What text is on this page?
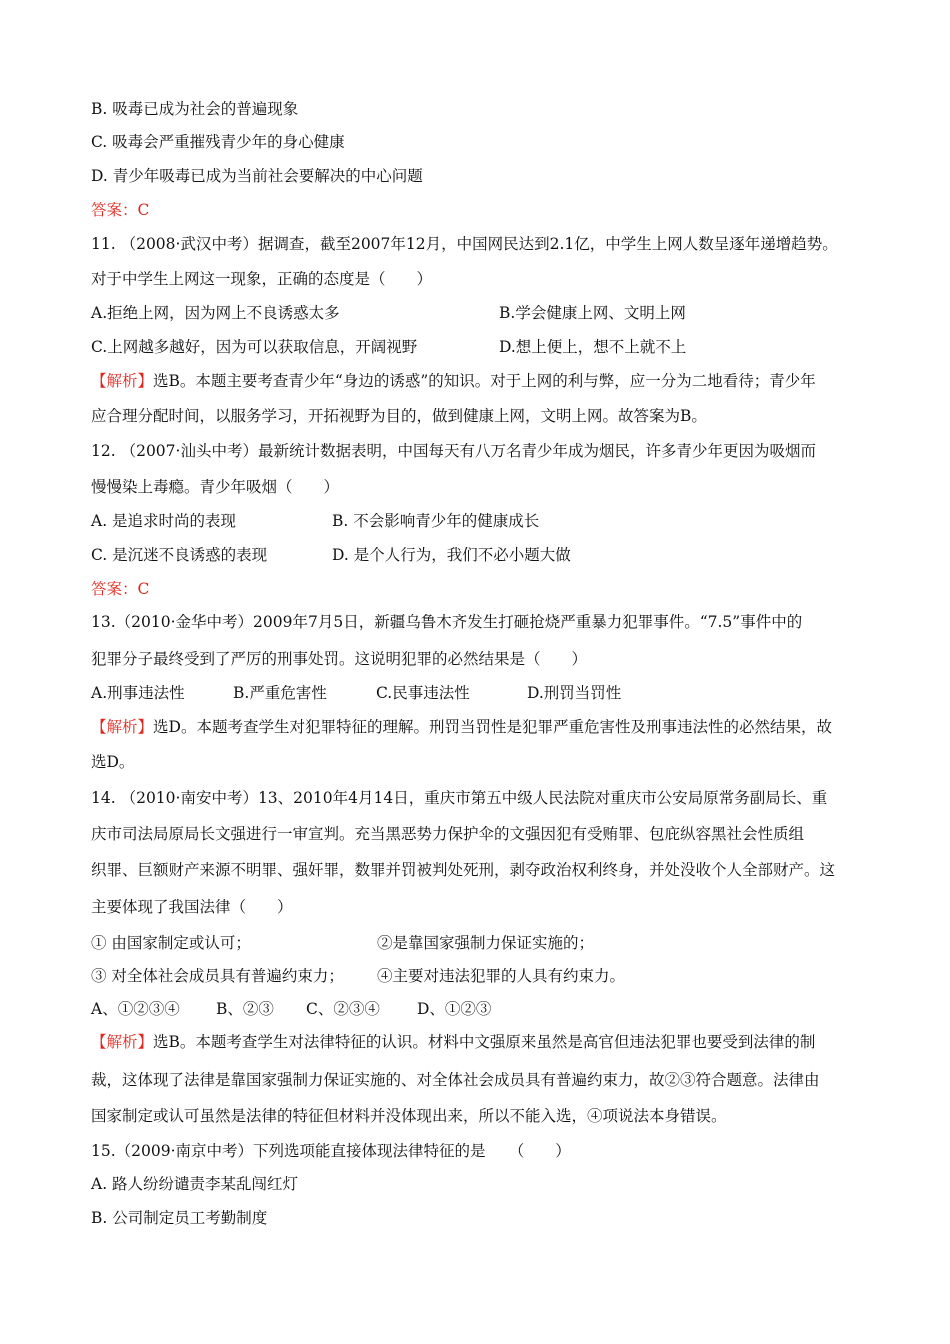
B. 吸毒已成为社会的普遍现象
C. 吸毒会严重摧残青少年的身心健康
D. 青少年吸毒已成为当前社会要解决的中心问题
答案：C
11. （2008·武汉中考）据调查，截至2007年12月，中国网民达到2.1亿，中学生上网人数呈逐年递增趋势。
对于中学生上网这一现象，正确的态度是（　　）
A.拒绝上网，因为网上不良诱惑太多	B.学会健康上网、文明上网
C.上网越多越好，因为可以获取信息，开阔视野	D.想上便上，想不上就不上
【解析】选B。本题主要考查青少年“身边的诱惑”的知识。对于上网的利与弊，应一分为二地看待；青少年
应合理分配时间，以服务学习，开拓视野为目的，做到健康上网，文明上网。故答案为B。
12. （2007·汕头中考）最新统计数据表明，中国每天有八万名青少年成为烟民，许多青少年更因为吸烟而
慢慢染上毒瘾。青少年吸烟（　　）
A. 是追求时尚的表现	B. 不会影响青少年的健康成长
C. 是沉迷不良诱惑的表现	D. 是个人行为，我们不必小题大做
答案：C
13.（2010·金华中考）2009年7月5日，新疆乌鲁木齐发生打砸抢烧严重暴力犯罪事件。“7.5”事件中的
犯罪分子最终受到了严厉的刑事处罚。这说明犯罪的必然结果是（　　）
A.刑事违法性	B.严重危害性	C.民事违法性	D.刑罚当罚性
【解析】选D。本题考查学生对犯罪特征的理解。刑罚当罚性是犯罪严重危害性及刑事违法性的必然结果，故
选D。
14. （2010·南安中考）13、2010年4月14日，重庆市第五中级人民法院对重庆市公安局原常务副局长、重
庆市司法局原局长文强进行一审宣判。充当黑恶势力保护伞的文强因犯有受贿罪、包庇纵容黑社会性质组
织罪、巨额财产来源不明罪、强奸罪，数罪并罚被判处死刑，剥夺政治权利终身，并处没收个人全部财产。这
主要体现了我国法律（　　）
① 由国家制定或认可；	②是靠国家强制力保证实施的；
③ 对全体社会成员具有普遍约束力； ④主要对违法犯罪的人具有约束力。
A、①②③④ B、②③ C、②③④ D、①②③
【解析】选B。本题考查学生对法律特征的认识。材料中文强原来虽然是高官但违法犯罪也要受到法律的制
裁，这体现了法律是靠国家强制力保证实施的、对全体社会成员具有普遍约束力，故②③符合题意。法律由
国家制定或认可虽然是法律的特征但材料并没体现出来，所以不能入选，④项说法本身错误。
15.（2009·南京中考）下列选项能直接体现法律特征的是　　（　　）
A. 路人纷纷谴责李某乱闯红灯
B. 公司制定员工考勤制度
